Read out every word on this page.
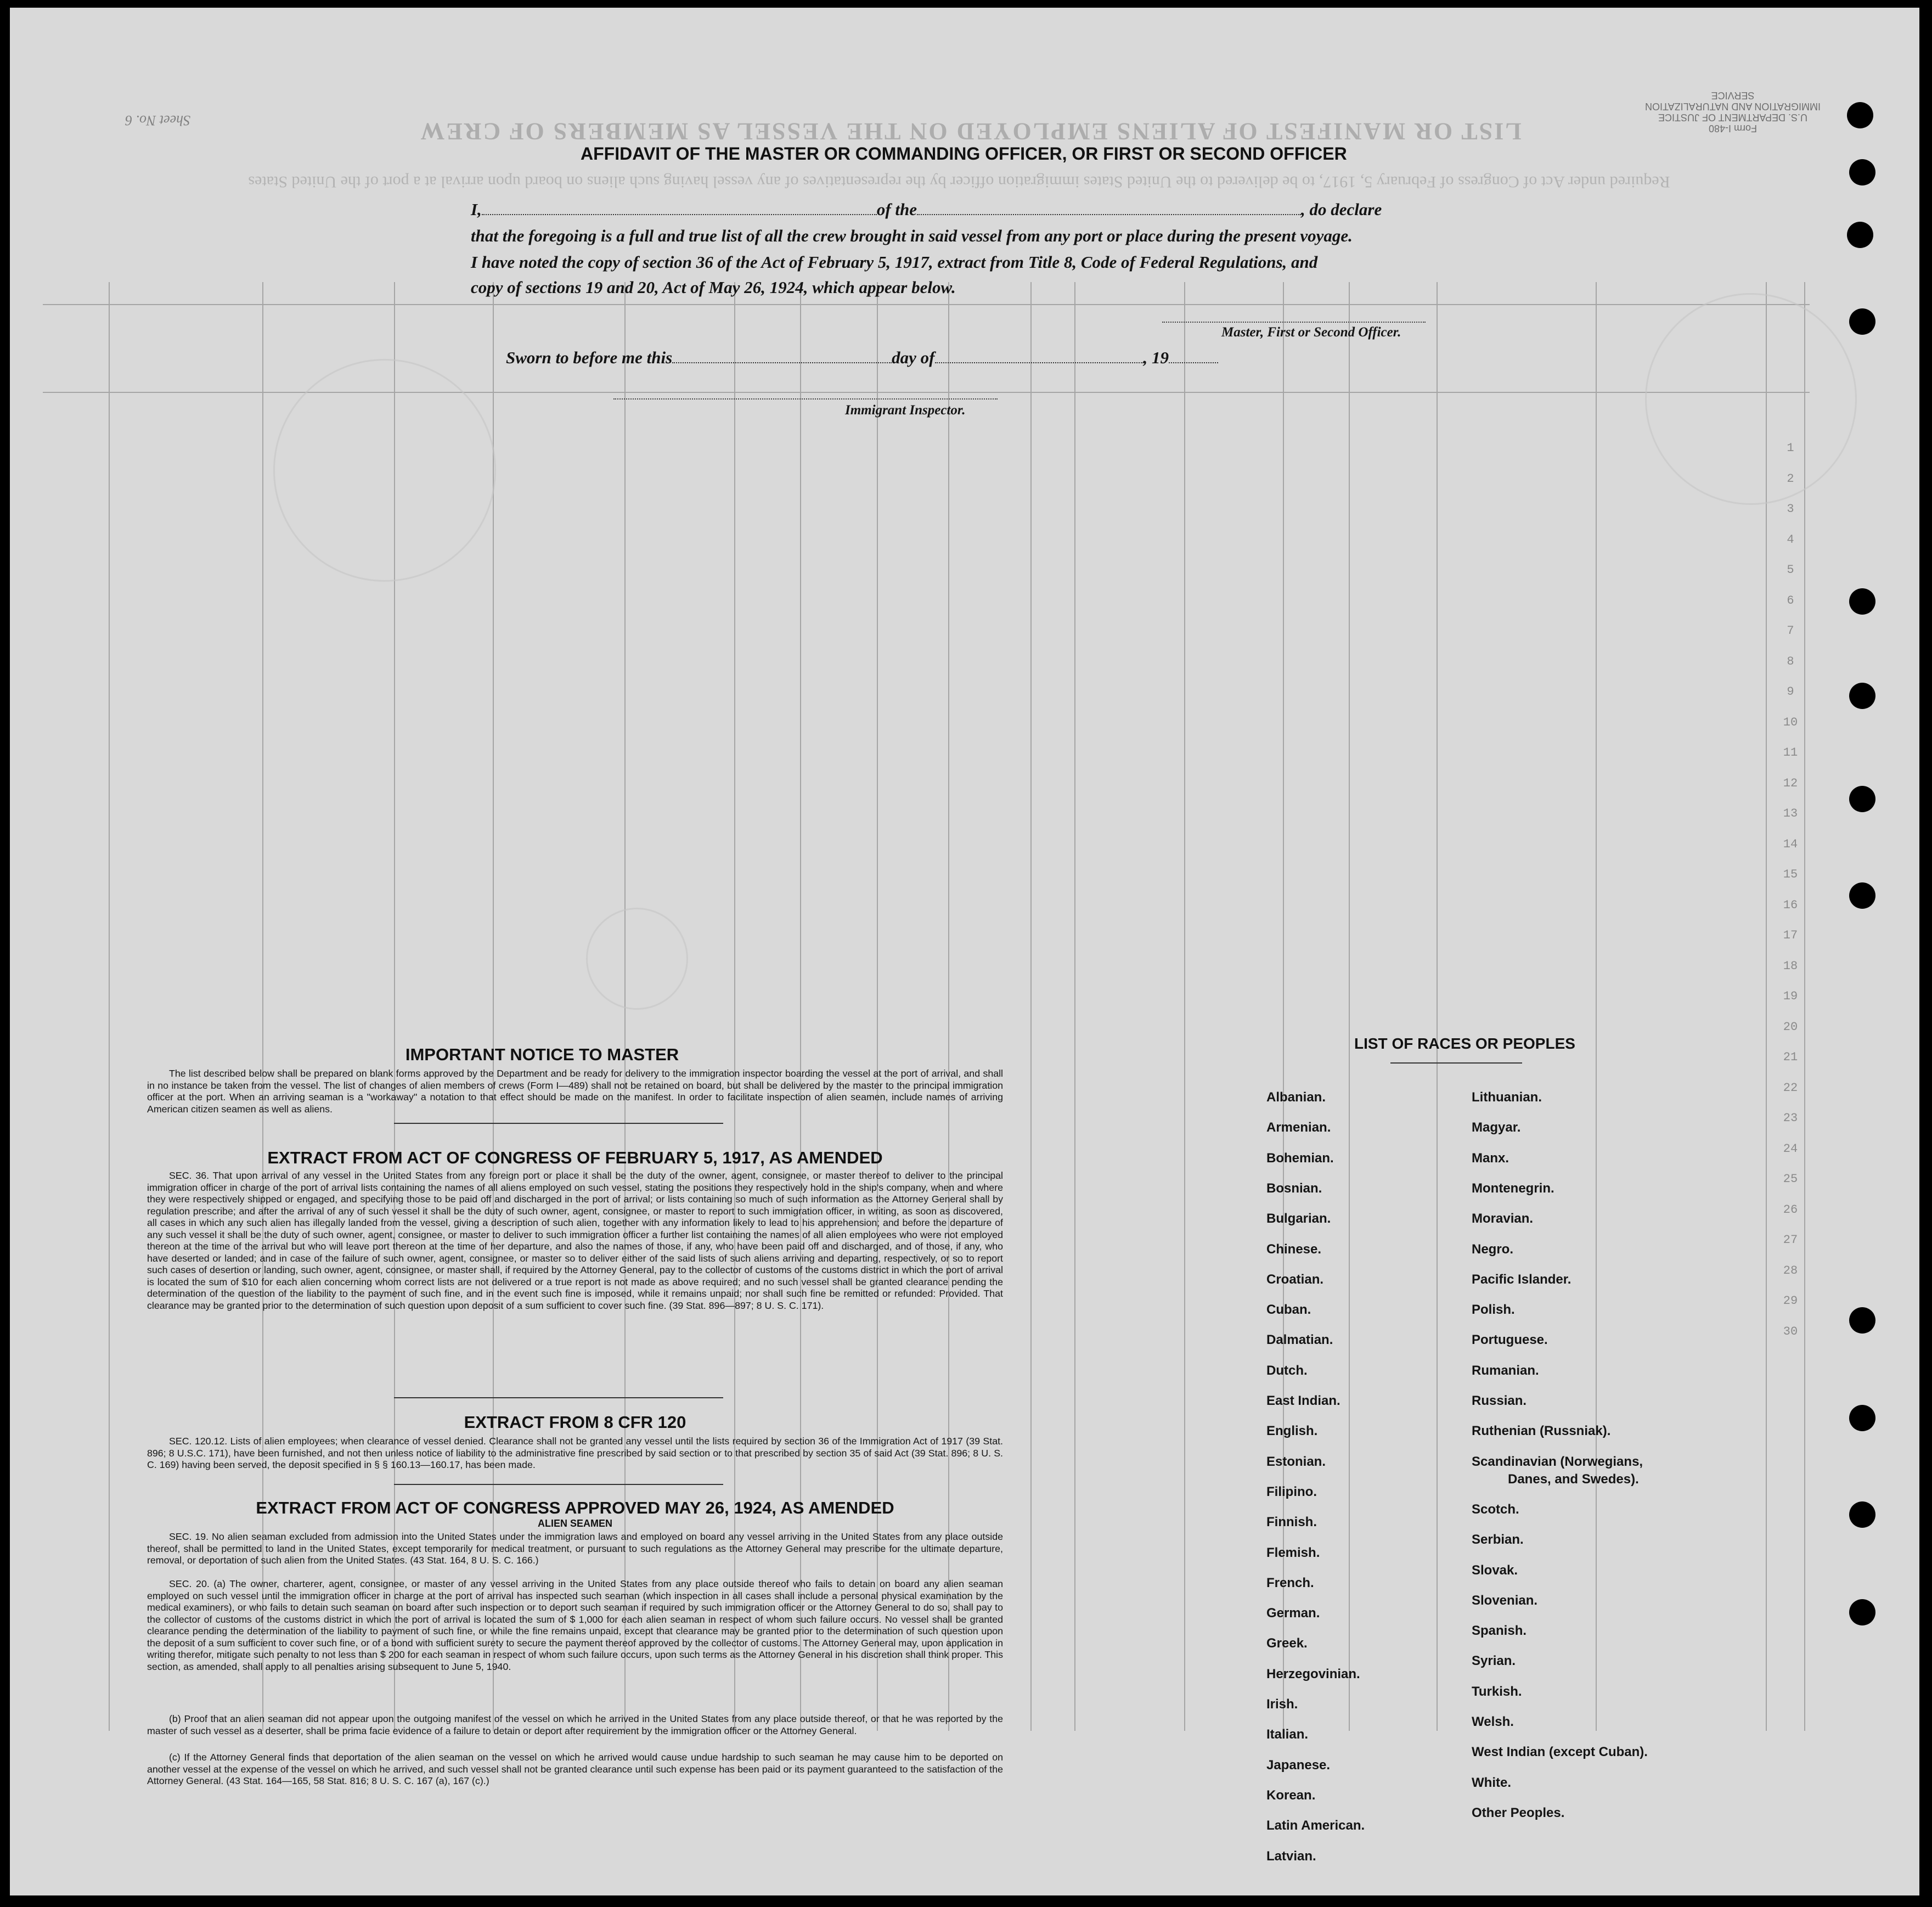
Form I-480
U.S. DEPARTMENT OF JUSTICE
IMMIGRATION AND NATURALIZATION SERVICE
Sheet No. 6	LIST OR MANIFEST OF ALIENS EMPLOYED ON THE VESSEL AS MEMBERS OF CREW
Required under Act of Congress of February 5, 1917, to be delivered to the United States immigration officer by the representatives of any vessel having such aliens on board upon arrival at a port of the United States
1
2
3
4
5
6
7
8
9
10
11
12
13
14
15
16
17
18
19
20
21
22
23
24
25
26
27
28
29
30
AFFIDAVIT OF THE MASTER OR COMMANDING OFFICER, OR FIRST OR SECOND OFFICER
I,	of the	, do declare
that the foregoing is a full and true list of all the crew brought in said vessel from any port or place during the present voyage.
I have noted the copy of section 36 of the Act of February 5, 1917, extract from Title 8, Code of Federal Regulations, and
copy of sections 19 and 20, Act of May 26, 1924, which appear below.
Master, First or Second Officer.
Sworn to before me this	day of	, 19
Immigrant Inspector.
IMPORTANT NOTICE TO MASTER
The list described below shall be prepared on blank forms approved by the Department and be ready for delivery to the immigration inspector boarding the vessel at the port of arrival, and shall in no instance be taken from the vessel. The list of changes of alien members of crews (Form I—489) shall not be retained on board, but shall be delivered by the master to the principal immigration officer at the port. When an arriving seaman is a "workaway" a notation to that effect should be made on the manifest. In order to facilitate inspection of alien seamen, include names of arriving American citizen seamen as well as aliens.
EXTRACT FROM ACT OF CONGRESS OF FEBRUARY 5, 1917, AS AMENDED
SEC. 36. That upon arrival of any vessel in the United States from any foreign port or place it shall be the duty of the owner, agent, consignee, or master thereof to deliver to the principal immigration officer in charge of the port of arrival lists containing the names of all aliens employed on such vessel, stating the positions they respectively hold in the ship's company, when and where they were respectively shipped or engaged, and specifying those to be paid off and discharged in the port of arrival; or lists containing so much of such information as the Attorney General shall by regulation prescribe; and after the arrival of any of such vessel it shall be the duty of such owner, agent, consignee, or master to report to such immigration officer, in writing, as soon as discovered, all cases in which any such alien has illegally landed from the vessel, giving a description of such alien, together with any information likely to lead to his apprehension; and before the departure of any such vessel it shall be the duty of such owner, agent, consignee, or master to deliver to such immigration officer a further list containing the names of all alien employees who were not employed thereon at the time of the arrival but who will leave port thereon at the time of her departure, and also the names of those, if any, who have been paid off and discharged, and of those, if any, who have deserted or landed; and in case of the failure of such owner, agent, consignee, or master so to deliver either of the said lists of such aliens arriving and departing, respectively, or so to report such cases of desertion or landing, such owner, agent, consignee, or master shall, if required by the Attorney General, pay to the collector of customs of the customs district in which the port of arrival is located the sum of $10 for each alien concerning whom correct lists are not delivered or a true report is not made as above required; and no such vessel shall be granted clearance pending the determination of the question of the liability to the payment of such fine, and in the event such fine is imposed, while it remains unpaid; nor shall such fine be remitted or refunded: Provided. That clearance may be granted prior to the determination of such question upon deposit of a sum sufficient to cover such fine. (39 Stat. 896—897; 8 U. S. C. 171).
EXTRACT FROM 8 CFR 120
SEC. 120.12. Lists of alien employees; when clearance of vessel denied. Clearance shall not be granted any vessel until the lists required by section 36 of the Immigration Act of 1917 (39 Stat. 896; 8 U.S.C. 171), have been furnished, and not then unless notice of liability to the administrative fine prescribed by said section or to that prescribed by section 35 of said Act (39 Stat. 896; 8 U. S. C. 169) having been served, the deposit specified in § § 160.13—160.17, has been made.
EXTRACT FROM ACT OF CONGRESS APPROVED MAY 26, 1924, AS AMENDED
ALIEN SEAMEN
SEC. 19. No alien seaman excluded from admission into the United States under the immigration laws and employed on board any vessel arriving in the United States from any place outside thereof, shall be permitted to land in the United States, except temporarily for medical treatment, or pursuant to such regulations as the Attorney General may prescribe for the ultimate departure, removal, or deportation of such alien from the United States. (43 Stat. 164, 8 U. S. C. 166.)
SEC. 20. (a) The owner, charterer, agent, consignee, or master of any vessel arriving in the United States from any place outside thereof who fails to detain on board any alien seaman employed on such vessel until the immigration officer in charge at the port of arrival has inspected such seaman (which inspection in all cases shall include a personal physical examination by the medical examiners), or who fails to detain such seaman on board after such inspection or to deport such seaman if required by such immigration officer or the Attorney General to do so, shall pay to the collector of customs of the customs district in which the port of arrival is located the sum of $ 1,000 for each alien seaman in respect of whom such failure occurs. No vessel shall be granted clearance pending the determination of the liability to payment of such fine, or while the fine remains unpaid, except that clearance may be granted prior to the determination of such question upon the deposit of a sum sufficient to cover such fine, or of a bond with sufficient surety to secure the payment thereof approved by the collector of customs. The Attorney General may, upon application in writing therefor, mitigate such penalty to not less than $ 200 for each seaman in respect of whom such failure occurs, upon such terms as the Attorney General in his discretion shall think proper. This section, as amended, shall apply to all penalties arising subsequent to June 5, 1940.
(b) Proof that an alien seaman did not appear upon the outgoing manifest of the vessel on which he arrived in the United States from any place outside thereof, or that he was reported by the master of such vessel as a deserter, shall be prima facie evidence of a failure to detain or deport after requirement by the immigration officer or the Attorney General.
(c) If the Attorney General finds that deportation of the alien seaman on the vessel on which he arrived would cause undue hardship to such seaman he may cause him to be deported on another vessel at the expense of the vessel on which he arrived, and such vessel shall not be granted clearance until such expense has been paid or its payment guaranteed to the satisfaction of the Attorney General. (43 Stat. 164—165, 58 Stat. 816; 8 U. S. C. 167 (a), 167 (c).)
LIST OF RACES OR PEOPLES
Albanian.
Armenian.
Bohemian.
Bosnian.
Bulgarian.
Chinese.
Croatian.
Cuban.
Dalmatian.
Dutch.
East Indian.
English.
Estonian.
Filipino.
Finnish.
Flemish.
French.
German.
Greek.
Herzegovinian.
Irish.
Italian.
Japanese.
Korean.
Latin American.
Latvian.
Lithuanian.
Magyar.
Manx.
Montenegrin.
Moravian.
Negro.
Pacific Islander.
Polish.
Portuguese.
Rumanian.
Russian.
Ruthenian (Russniak).
Scandinavian (Norwegians,
Danes, and Swedes).
Scotch.
Serbian.
Slovak.
Slovenian.
Spanish.
Syrian.
Turkish.
Welsh.
West Indian (except Cuban).
White.
Other Peoples.
